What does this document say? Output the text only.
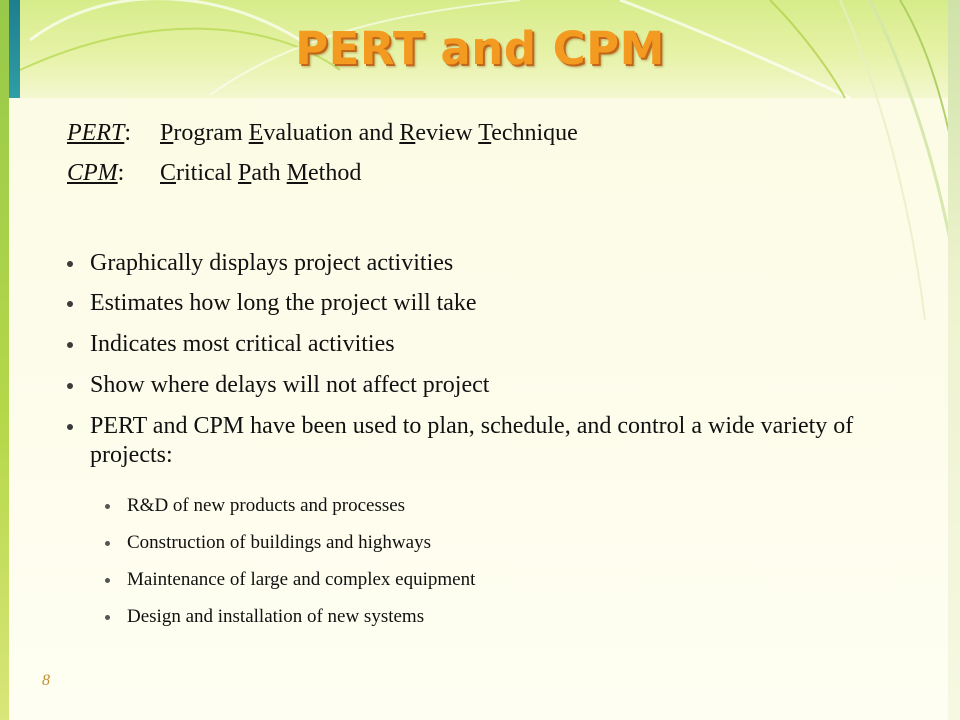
PERT and CPM
PERT: Program Evaluation and Review Technique
CPM: Critical Path Method
Graphically displays project activities
Estimates how long the project will take
Indicates most critical activities
Show where delays will not affect project
PERT and CPM have been used to plan, schedule, and control a wide variety of projects:
R&D of new products and processes
Construction of buildings and highways
Maintenance of large and complex equipment
Design and installation of new systems
8
